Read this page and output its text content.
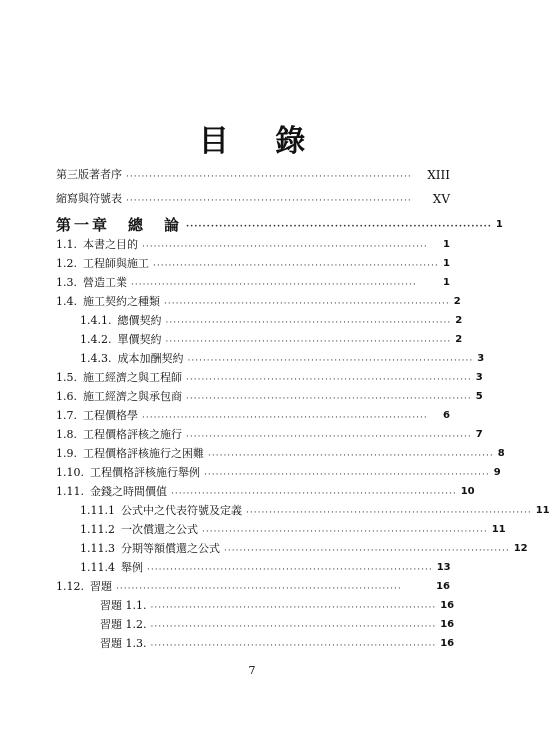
目 錄
第三版著者序 ··········································································	XIII
縮寫與符號表 ··········································································	XV
第一章　總　論 ·········································································· 1
1.1. 本書之目的 ··········································································	1
1.2. 工程師與施工 ·········································································· 1
1.3. 營造工業 ··········································································	1
1.4. 施工契約之種類 ·········································································· 2
1.4.1. 總價契約 ·········································································· 2
1.4.2. 單價契約 ·········································································· 2
1.4.3. 成本加酬契約 ·········································································· 3
1.5. 施工經濟之與工程師 ·········································································· 3
1.6. 施工經濟之與承包商 ·········································································· 5
1.7. 工程價格學 ··········································································	6
1.8. 工程價格評核之施行 ·········································································· 7
1.9. 工程價格評核施行之困難 ·········································································· 8
1.10. 工程價格評核施行舉例 ·········································································· 9
1.11. 金錢之時間價值 ·········································································· 10
1.11.1 公式中之代表符號及定義 ·········································································· 11
1.11.2 一次償還之公式 ·········································································· 11
1.11.3 分期等額償還之公式 ·········································································· 12
1.11.4 舉例 ·········································································· 13
1.12. 習題 ··········································································	16
習題 1.1. ·········································································· 16
習題 1.2. ·········································································· 16
習題 1.3. ·········································································· 16
7
